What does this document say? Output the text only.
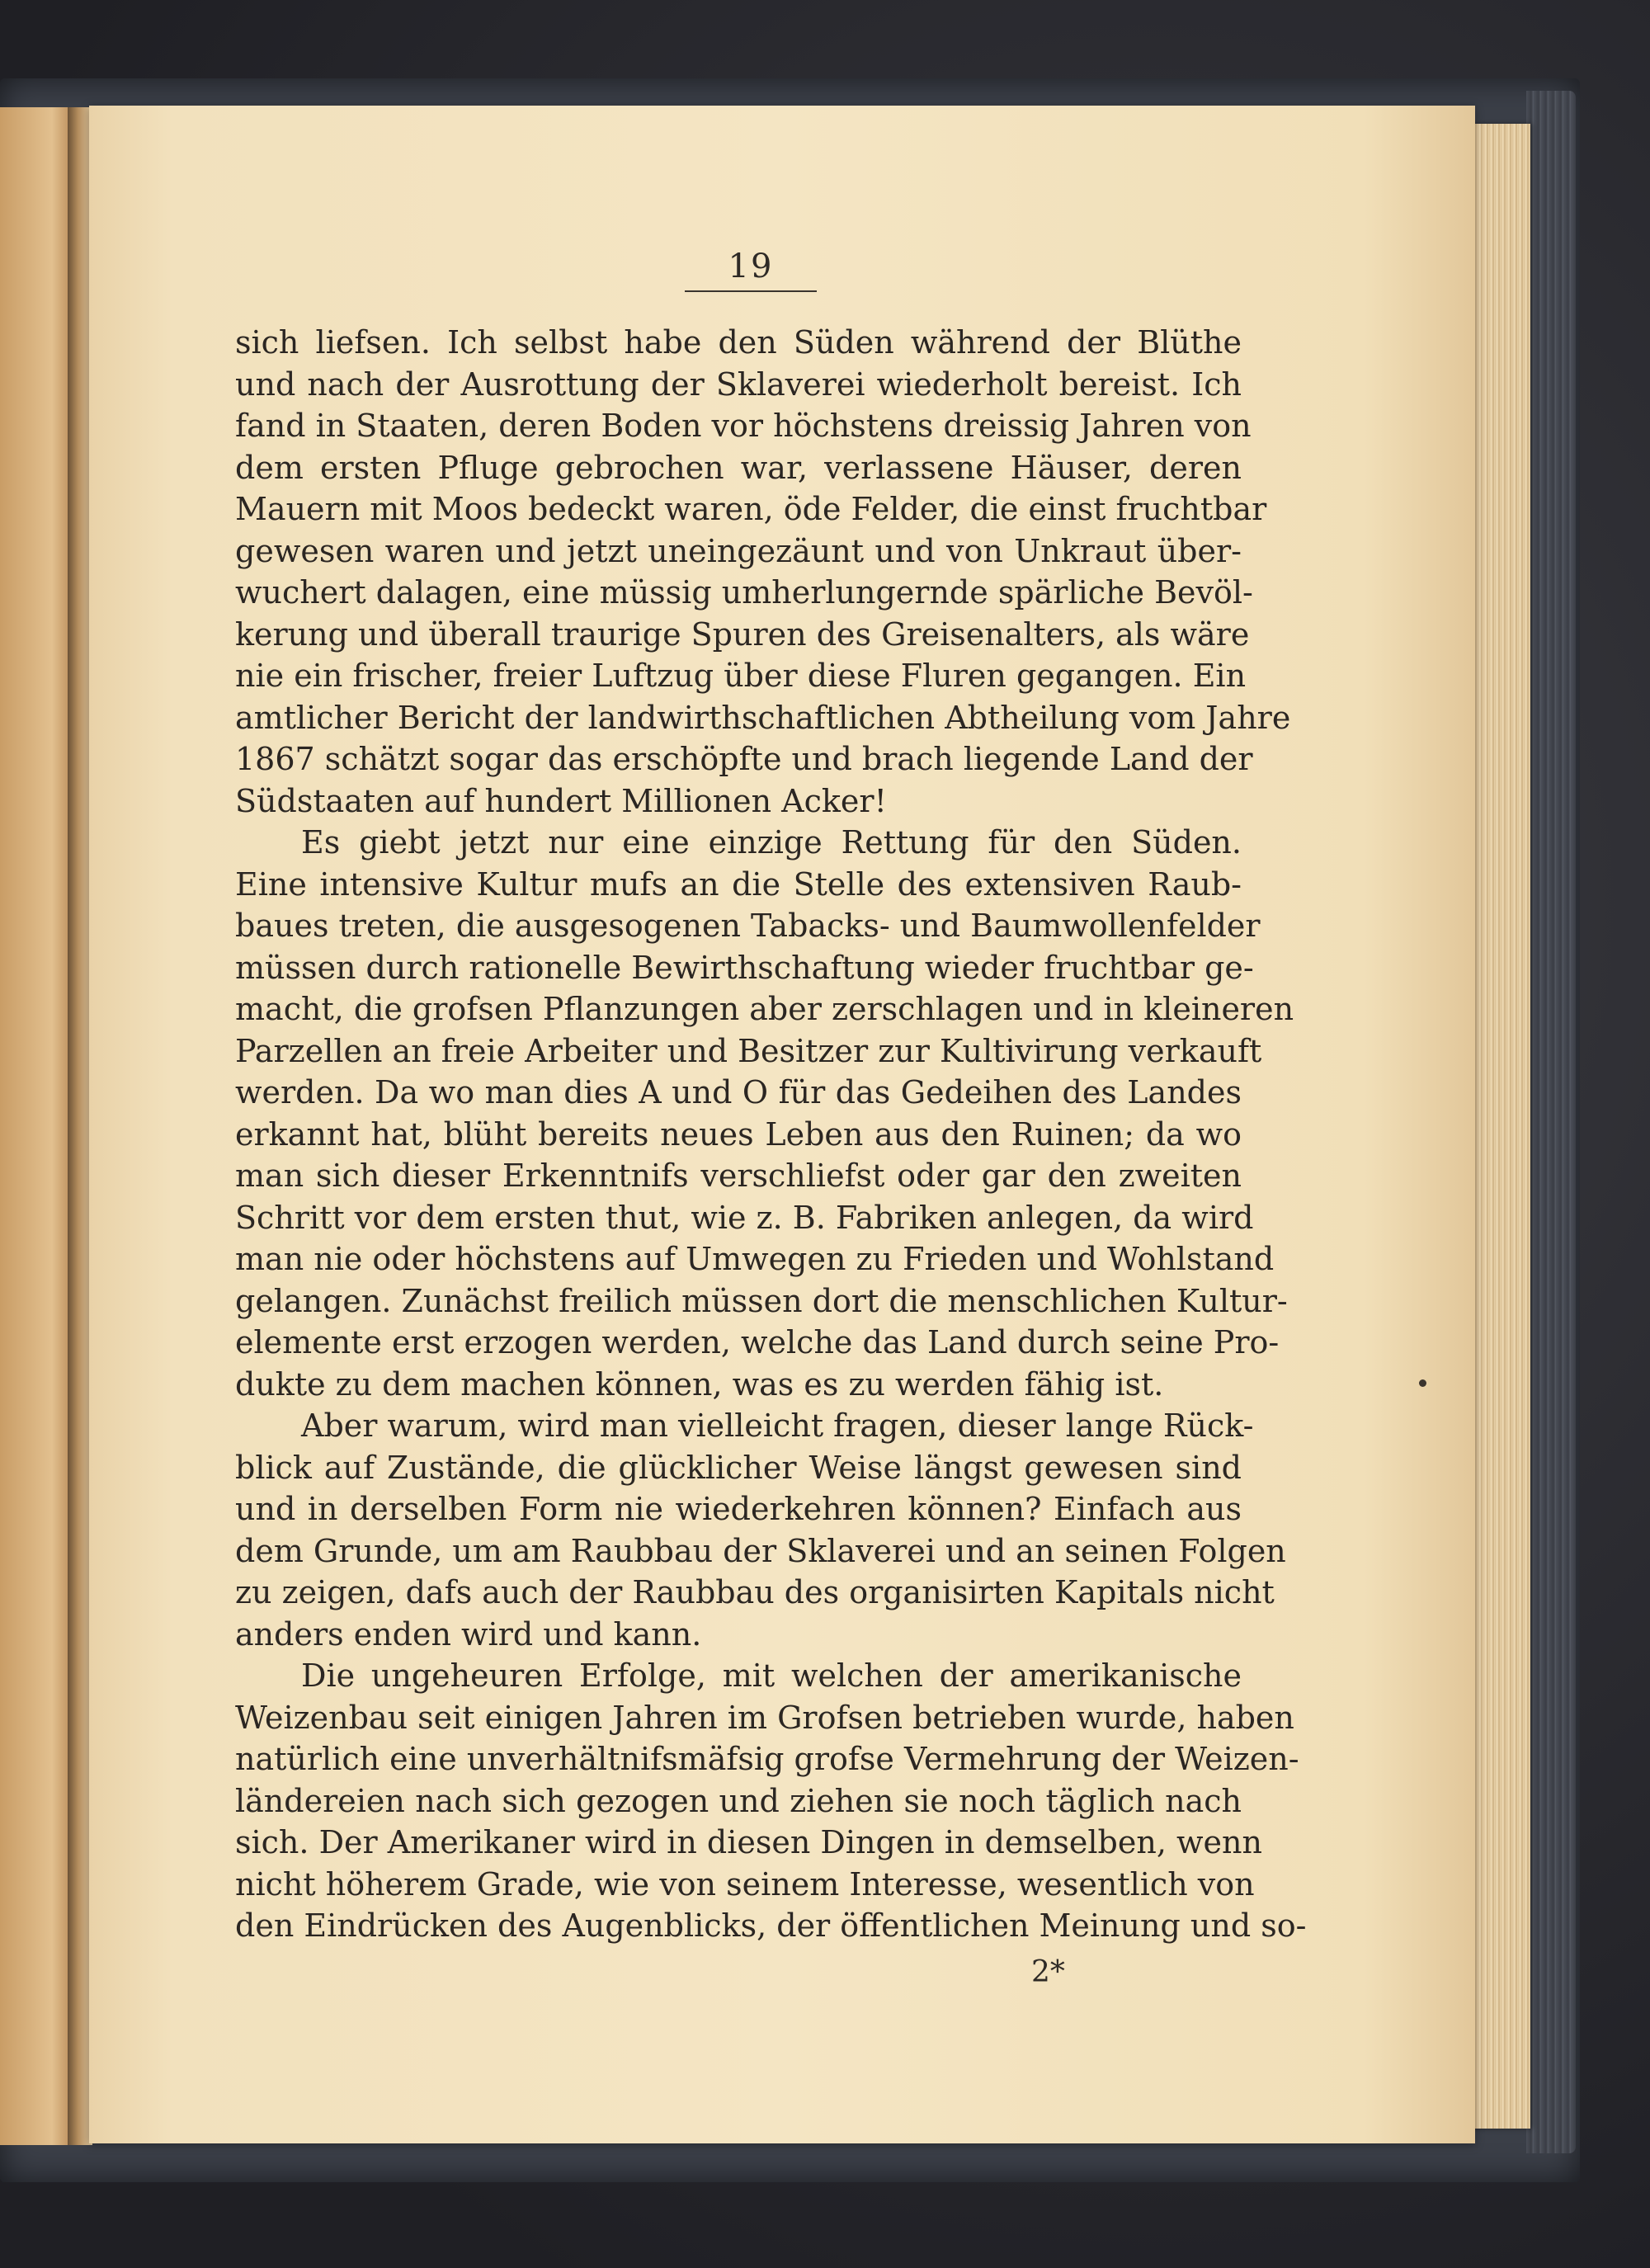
19
sich liefsen. Ich selbst habe den Süden während der Blüthe
und nach der Ausrottung der Sklaverei wiederholt bereist. Ich
fand in Staaten, deren Boden vor höchstens dreissig Jahren von
dem ersten Pfluge gebrochen war, verlassene Häuser, deren
Mauern mit Moos bedeckt waren, öde Felder, die einst fruchtbar
gewesen waren und jetzt uneingezäunt und von Unkraut über-
wuchert dalagen, eine müssig umherlungernde spärliche Bevöl-
kerung und überall traurige Spuren des Greisenalters, als wäre
nie ein frischer, freier Luftzug über diese Fluren gegangen. Ein
amtlicher Bericht der landwirthschaftlichen Abtheilung vom Jahre
1867 schätzt sogar das erschöpfte und brach liegende Land der
Südstaaten auf hundert Millionen Acker!
Es giebt jetzt nur eine einzige Rettung für den Süden.
Eine intensive Kultur mufs an die Stelle des extensiven Raub-
baues treten, die ausgesogenen Tabacks- und Baumwollenfelder
müssen durch rationelle Bewirthschaftung wieder fruchtbar ge-
macht, die grofsen Pflanzungen aber zerschlagen und in kleineren
Parzellen an freie Arbeiter und Besitzer zur Kultivirung verkauft
werden. Da wo man dies A und O für das Gedeihen des Landes
erkannt hat, blüht bereits neues Leben aus den Ruinen; da wo
man sich dieser Erkenntnifs verschliefst oder gar den zweiten
Schritt vor dem ersten thut, wie z. B. Fabriken anlegen, da wird
man nie oder höchstens auf Umwegen zu Frieden und Wohlstand
gelangen. Zunächst freilich müssen dort die menschlichen Kultur-
elemente erst erzogen werden, welche das Land durch seine Pro-
dukte zu dem machen können, was es zu werden fähig ist.
Aber warum, wird man vielleicht fragen, dieser lange Rück-
blick auf Zustände, die glücklicher Weise längst gewesen sind
und in derselben Form nie wiederkehren können? Einfach aus
dem Grunde, um am Raubbau der Sklaverei und an seinen Folgen
zu zeigen, dafs auch der Raubbau des organisirten Kapitals nicht
anders enden wird und kann.
Die ungeheuren Erfolge, mit welchen der amerikanische
Weizenbau seit einigen Jahren im Grofsen betrieben wurde, haben
natürlich eine unverhältnifsmäfsig grofse Vermehrung der Weizen-
ländereien nach sich gezogen und ziehen sie noch täglich nach
sich. Der Amerikaner wird in diesen Dingen in demselben, wenn
nicht höherem Grade, wie von seinem Interesse, wesentlich von
den Eindrücken des Augenblicks, der öffentlichen Meinung und so-
2*
